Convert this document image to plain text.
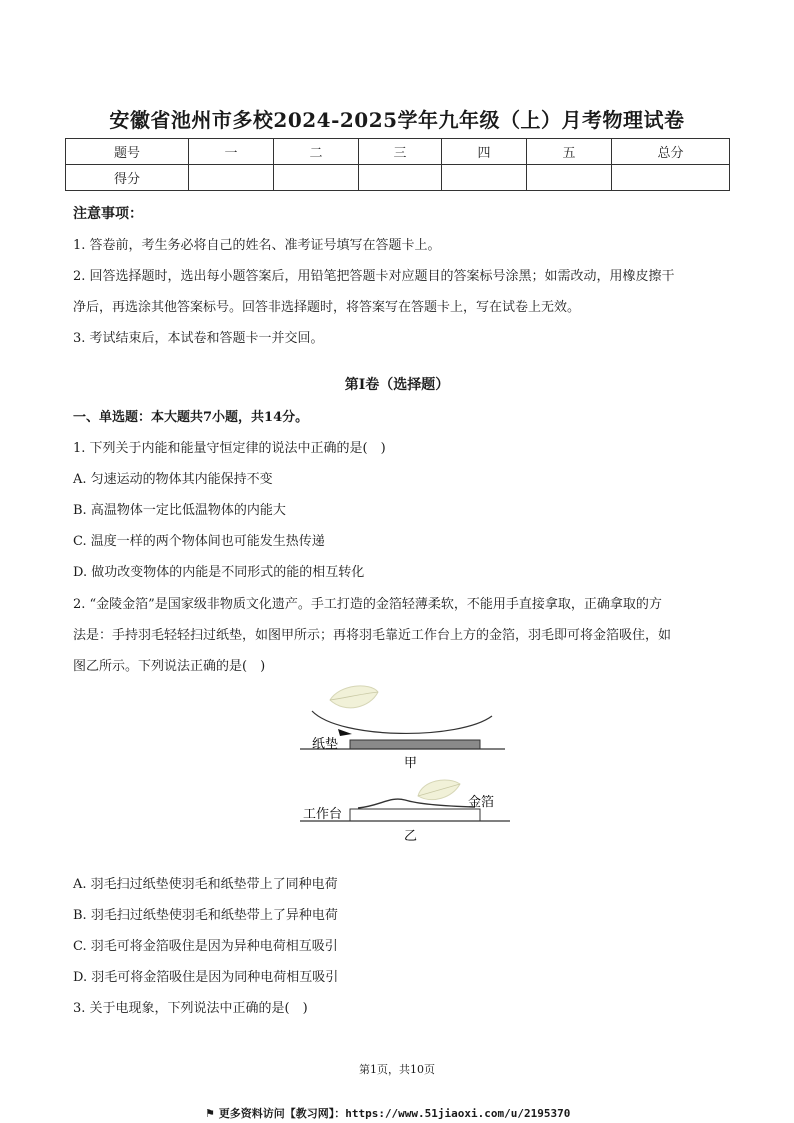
安徽省池州市多校2024-2025学年九年级（上）月考物理试卷
题号	一	二	三	四	五	总分
得分						
注意事项：
1. 答卷前，考生务必将自己的姓名、准考证号填写在答题卡上。
2. 回答选择题时，选出每小题答案后，用铅笔把答题卡对应题目的答案标号涂黑；如需改动，用橡皮擦干
净后，再选涂其他答案标号。回答非选择题时，将答案写在答题卡上，写在试卷上无效。
3. 考试结束后，本试卷和答题卡一并交回。
第I卷（选择题）
一、单选题：本大题共7小题，共14分。
1. 下列关于内能和能量守恒定律的说法中正确的是(　)
A. 匀速运动的物体其内能保持不变
B. 高温物体一定比低温物体的内能大
C. 温度一样的两个物体间也可能发生热传递
D. 做功改变物体的内能是不同形式的能的相互转化
2. “金陵金箔”是国家级非物质文化遗产。手工打造的金箔轻薄柔软，不能用手直接拿取，正确拿取的方
法是：手持羽毛轻轻扫过纸垫，如图甲所示；再将羽毛靠近工作台上方的金箔，羽毛即可将金箔吸住，如
图乙所示。下列说法正确的是(　)
纸垫
甲
工作台
金箔
乙
A. 羽毛扫过纸垫使羽毛和纸垫带上了同种电荷
B. 羽毛扫过纸垫使羽毛和纸垫带上了异种电荷
C. 羽毛可将金箔吸住是因为异种电荷相互吸引
D. 羽毛可将金箔吸住是因为同种电荷相互吸引
3. 关于电现象，下列说法中正确的是(　)
第1页，共10页
⚑ 更多资料访问【教习网】：https://www.51jiaoxi.com/u/2195370
